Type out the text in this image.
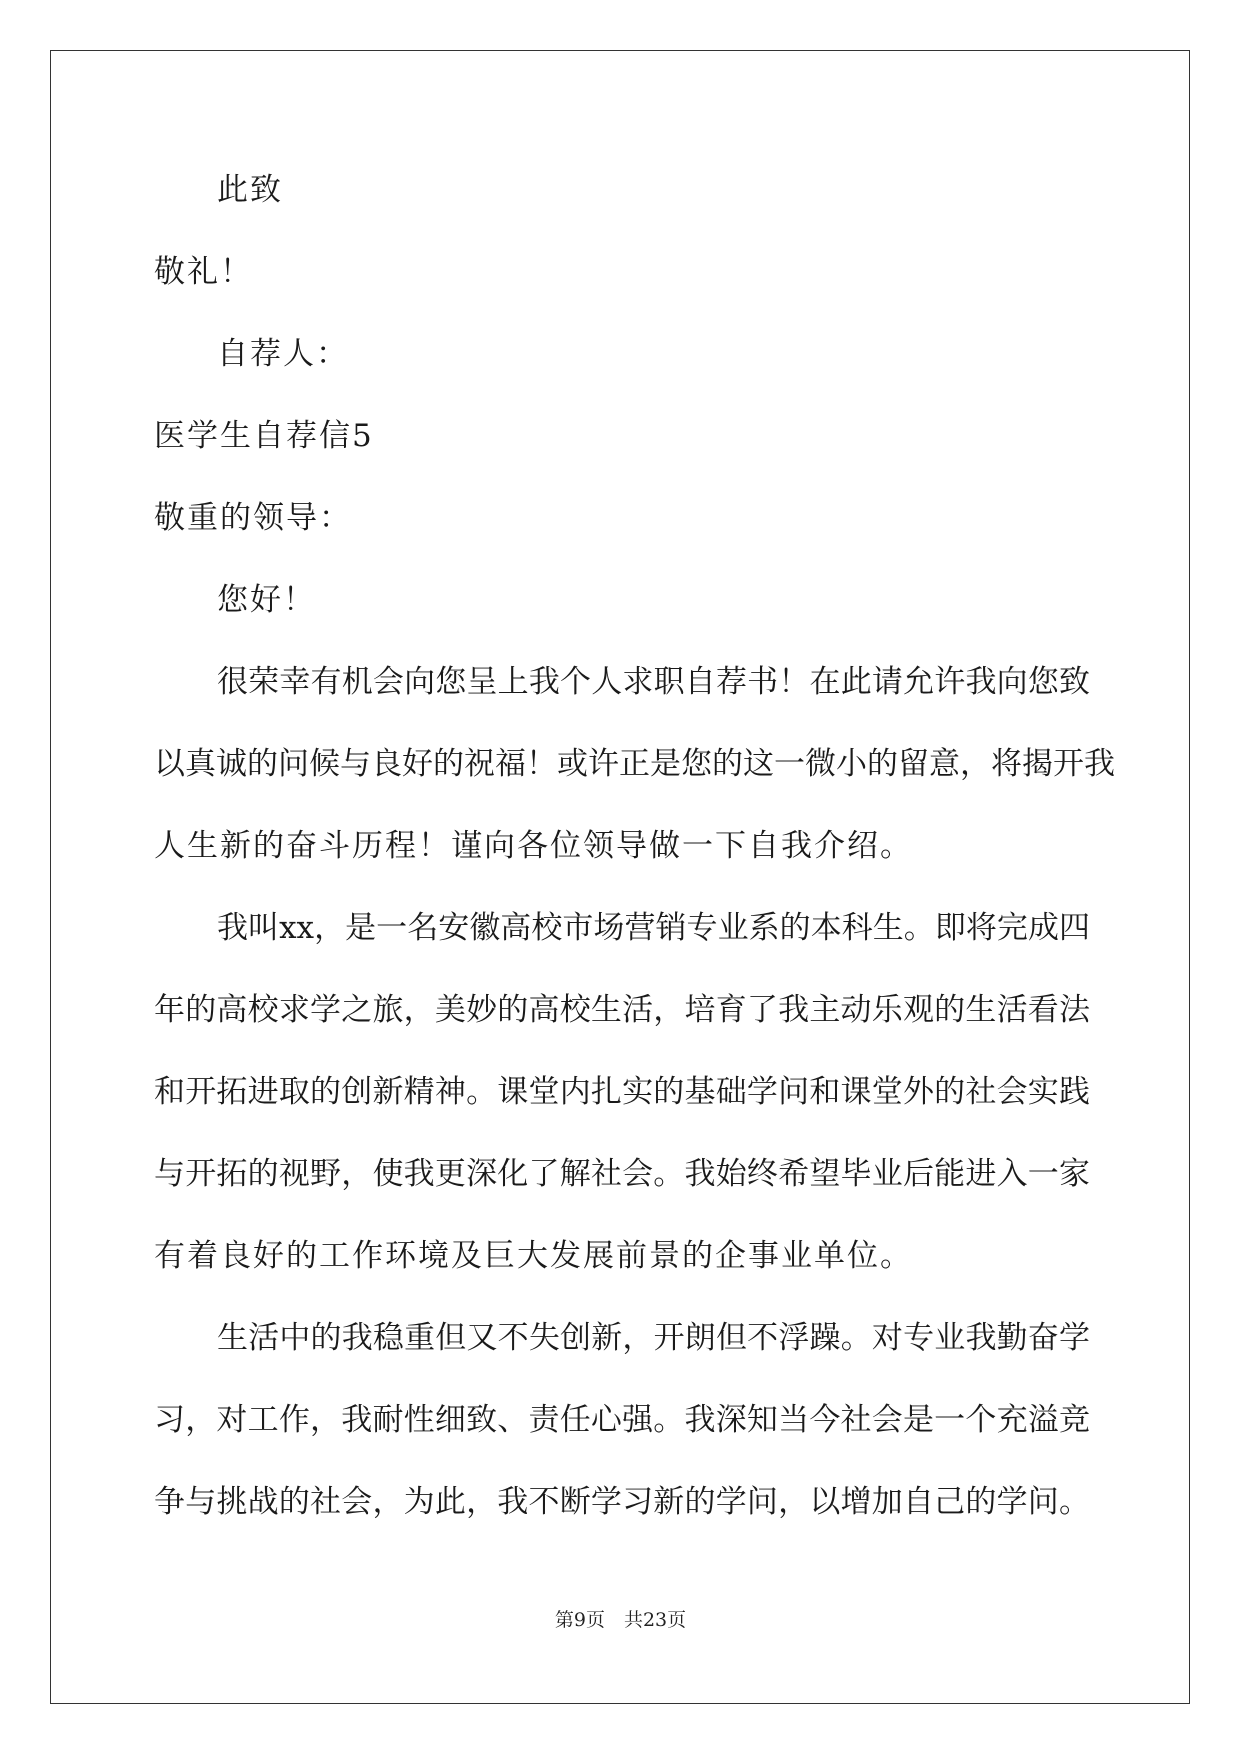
此致
敬礼！
自荐人：
医学生自荐信5
敬重的领导：
您好！
很荣幸有机会向您呈上我个人求职自荐书！在此请允许我向您致
以真诚的问候与良好的祝福！或许正是您的这一微小的留意，将揭开我
人生新的奋斗历程！谨向各位领导做一下自我介绍。
我叫xx，是一名安徽高校市场营销专业系的本科生。即将完成四
年的高校求学之旅，美妙的高校生活，培育了我主动乐观的生活看法
和开拓进取的创新精神。课堂内扎实的基础学问和课堂外的社会实践
与开拓的视野，使我更深化了解社会。我始终希望毕业后能进入一家
有着良好的工作环境及巨大发展前景的企事业单位。
生活中的我稳重但又不失创新，开朗但不浮躁。对专业我勤奋学
习，对工作，我耐性细致、责任心强。我深知当今社会是一个充溢竞
争与挑战的社会，为此，我不断学习新的学问，以增加自己的学问。
第9页　共23页
